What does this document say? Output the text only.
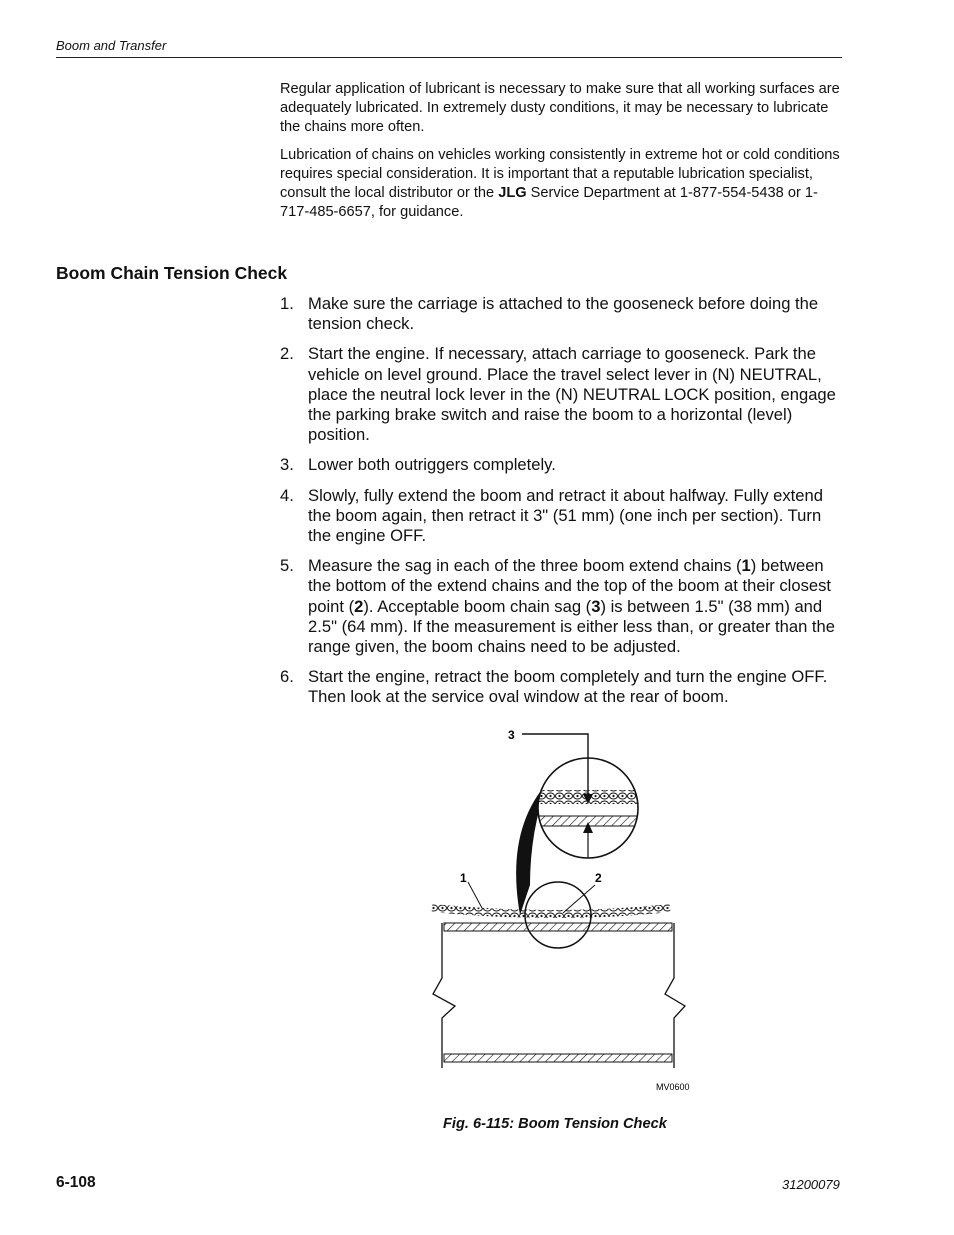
Boom and Transfer

Regular application of lubricant is necessary to make sure that all working surfaces are adequately lubricated. In extremely dusty conditions, it may be necessary to lubricate the chains more often.

Lubrication of chains on vehicles working consistently in extreme hot or cold conditions requires special consideration. It is important that a reputable lubrication specialist, consult the local distributor or the JLG Service Department at 1-877-554-5438 or 1-717-485-6657, for guidance.

Boom Chain Tension Check
1. Make sure the carriage is attached to the gooseneck before doing the tension check.
2. Start the engine. If necessary, attach carriage to gooseneck. Park the vehicle on level ground. Place the travel select lever in (N) NEUTRAL, place the neutral lock lever in the (N) NEUTRAL LOCK position, engage the parking brake switch and raise the boom to a horizontal (level) position.
3. Lower both outriggers completely.
4. Slowly, fully extend the boom and retract it about halfway. Fully extend the boom again, then retract it 3" (51 mm) (one inch per section). Turn the engine OFF.
5. Measure the sag in each of the three boom extend chains (1) between the bottom of the extend chains and the top of the boom at their closest point (2). Acceptable boom chain sag (3) is between 1.5" (38 mm) and 2.5" (64 mm). If the measurement is either less than, or greater than the range given, the boom chains need to be adjusted.
6. Start the engine, retract the boom completely and turn the engine OFF. Then look at the service oval window at the rear of boom.
3
1	2
MV0600
Fig. 6-115: Boom Tension Check
6-108	31200079
